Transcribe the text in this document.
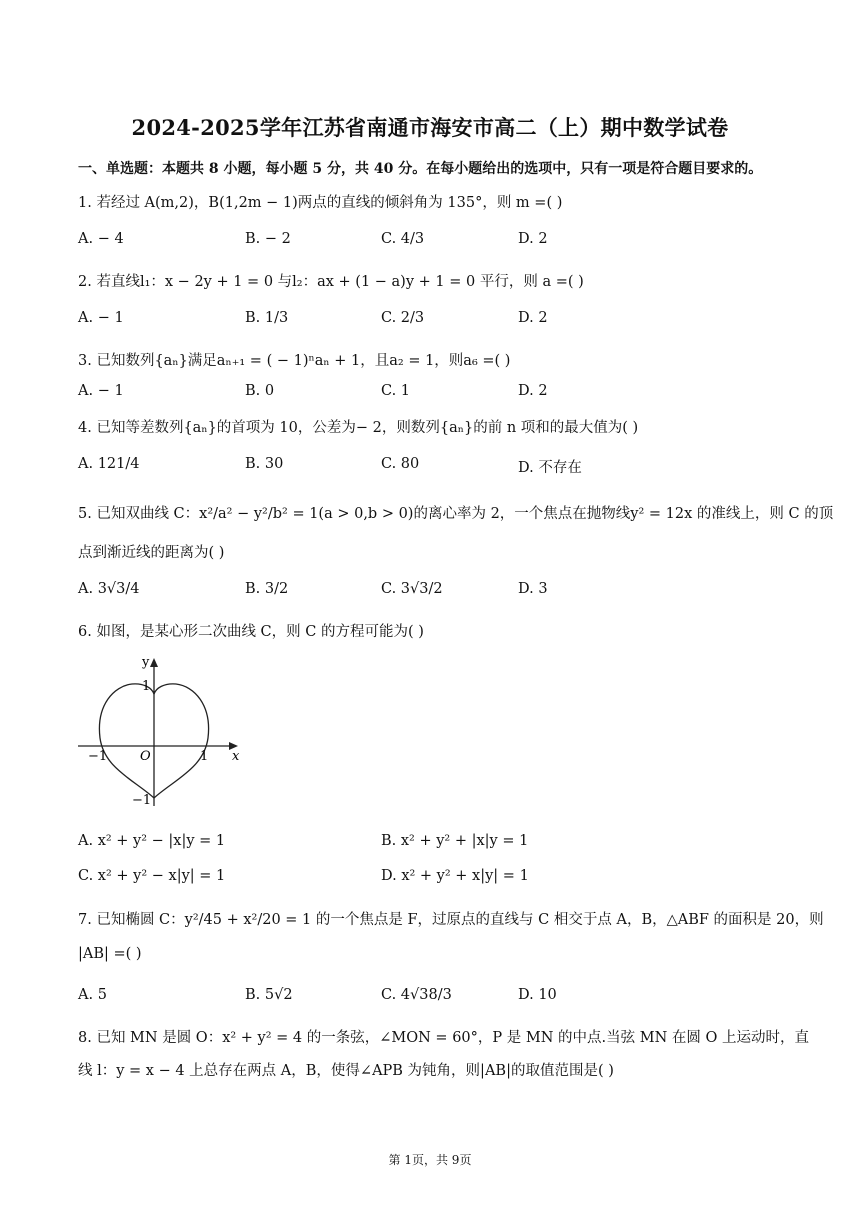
2024-2025学年江苏省南通市海安市高二（上）期中数学试卷
一、单选题：本题共 8 小题，每小题 5 分，共 40 分。在每小题给出的选项中，只有一项是符合题目要求的。
1. 若经过 A(m,2)，B(1,2m − 1)两点的直线的倾斜角为 135°，则 m =( )
A. − 4	B. − 2	C. 4/3	D. 2
2. 若直线l₁：x − 2y + 1 = 0 与l₂：ax + (1 − a)y + 1 = 0 平行，则 a =( )
A. − 1	B. 1/3	C. 2/3	D. 2
3. 已知数列{aₙ}满足aₙ₊₁ = ( − 1)ⁿaₙ + 1，且a₂ = 1，则a₆ =( )
A. − 1	B. 0	C. 1	D. 2
4. 已知等差数列{aₙ}的首项为 10，公差为− 2，则数列{aₙ}的前 n 项和的最大值为( )
A. 121/4	B. 30	C. 80	D. 不存在
5. 已知双曲线 C：x²/a² − y²/b² = 1(a > 0,b > 0)的离心率为 2，一个焦点在抛物线y² = 12x 的准线上，则 C 的顶
点到渐近线的距离为( )
A. 3√3/4	B. 3/2	C. 3√3/2	D. 3
6. 如图，是某心形二次曲线 C，则 C 的方程可能为( )
y
x
1
−1
−1	1
O
A. x² + y² − |x|y = 1	B. x² + y² + |x|y = 1
C. x² + y² − x|y| = 1	D. x² + y² + x|y| = 1
7. 已知椭圆 C：y²/45 + x²/20 = 1 的一个焦点是 F，过原点的直线与 C 相交于点 A，B，△ABF 的面积是 20，则
|AB| =( )
A. 5	B. 5√2	C. 4√38/3	D. 10
8. 已知 MN 是圆 O：x² + y² = 4 的一条弦，∠MON = 60°，P 是 MN 的中点.当弦 MN 在圆 O 上运动时，直
线 l：y = x − 4 上总存在两点 A，B，使得∠APB 为钝角，则|AB|的取值范围是( )
第 1页，共 9页
